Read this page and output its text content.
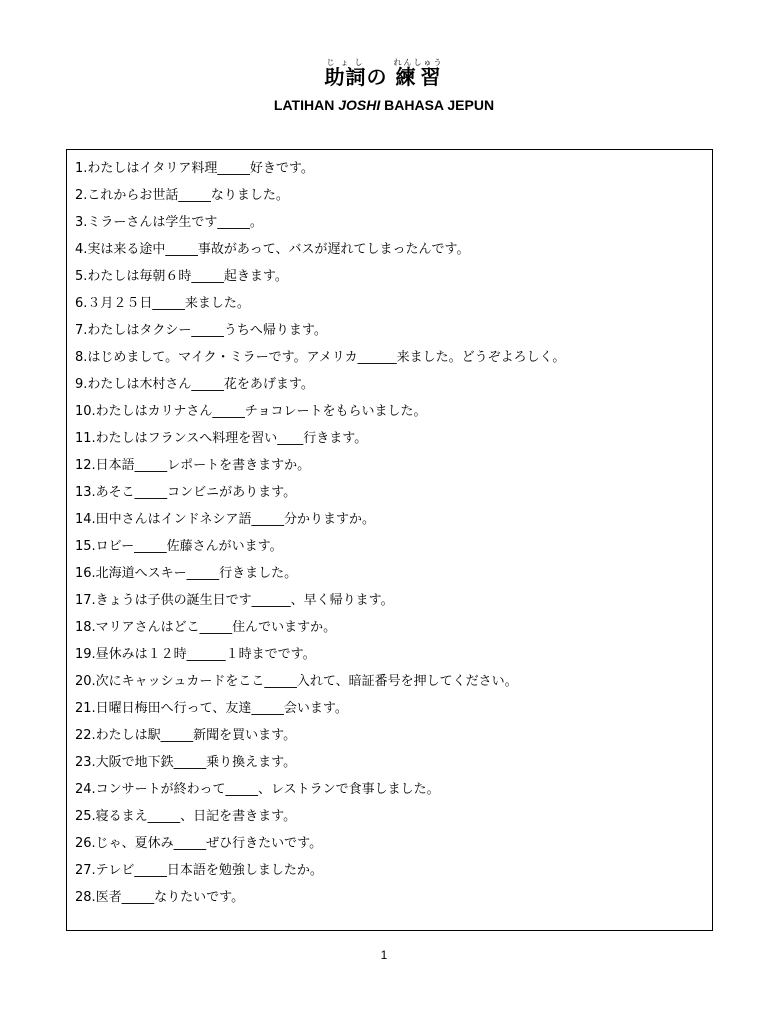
助詞じょしの 練習れんしゅう
LATIHAN JOSHI BAHASA JEPUN
1.わたしはイタリア料理_____好きです。
2.これからお世話_____なりました。
3.ミラーさんは学生です_____。
4.実は来る途中_____事故があって、バスが遅れてしまったんです。
5.わたしは毎朝６時_____起きます。
6.３月２５日_____来ました。
7.わたしはタクシー_____うちへ帰ります。
8.はじめまして。マイク・ミラーです。アメリカ______来ました。どうぞよろしく。
9.わたしは木村さん_____花をあげます。
10.わたしはカリナさん_____チョコレートをもらいました。
11.わたしはフランスへ料理を習い____行きます。
12.日本語_____レポートを書きますか。
13.あそこ_____コンビニがあります。
14.田中さんはインドネシア語_____分かりますか。
15.ロビー_____佐藤さんがいます。
16.北海道へスキー_____行きました。
17.きょうは子供の誕生日です______、早く帰ります。
18.マリアさんはどこ_____住んでいますか。
19.昼休みは１２時______１時までです。
20.次にキャッシュカードをここ_____入れて、暗証番号を押してください。
21.日曜日梅田へ行って、友達_____会います。
22.わたしは駅_____新聞を買います。
23.大阪で地下鉄_____乗り換えます。
24.コンサートが終わって_____、レストランで食事しました。
25.寝るまえ_____、日記を書きます。
26.じゃ、夏休み_____ぜひ行きたいです。
27.テレビ_____日本語を勉強しましたか。
28.医者_____なりたいです。
1
